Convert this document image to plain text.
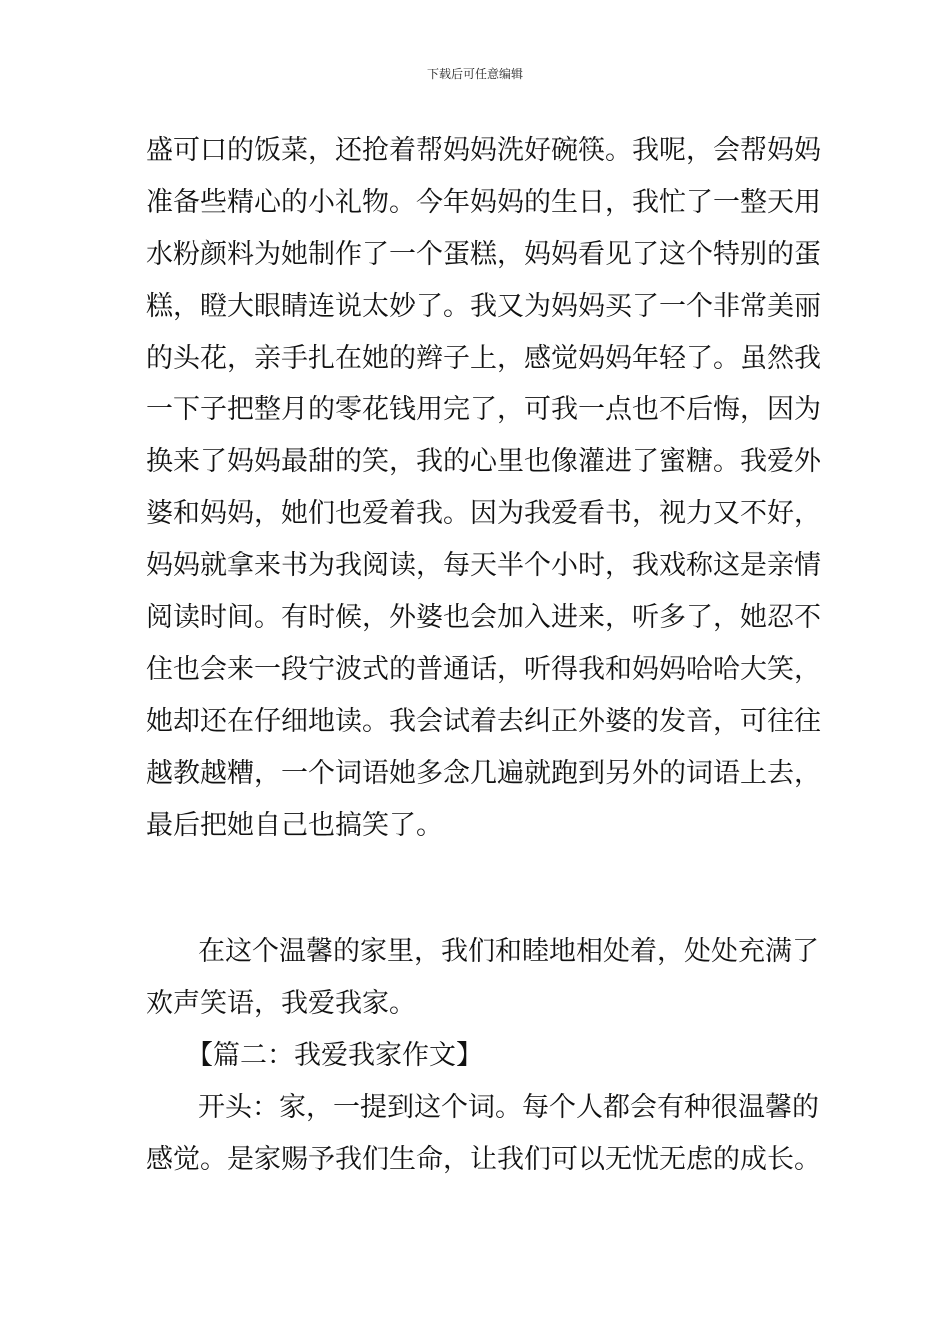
下载后可任意编辑
盛可口的饭菜，还抢着帮妈妈洗好碗筷。我呢，会帮妈妈
准备些精心的小礼物。今年妈妈的生日，我忙了一整天用
水粉颜料为她制作了一个蛋糕，妈妈看见了这个特别的蛋
糕，瞪大眼睛连说太妙了。我又为妈妈买了一个非常美丽
的头花，亲手扎在她的辫子上，感觉妈妈年轻了。虽然我
一下子把整月的零花钱用完了，可我一点也不后悔，因为
换来了妈妈最甜的笑，我的心里也像灌进了蜜糖。我爱外
婆和妈妈，她们也爱着我。因为我爱看书，视力又不好，
妈妈就拿来书为我阅读，每天半个小时，我戏称这是亲情
阅读时间。有时候，外婆也会加入进来，听多了，她忍不
住也会来一段宁波式的普通话，听得我和妈妈哈哈大笑，
她却还在仔细地读。我会试着去纠正外婆的发音，可往往
越教越糟，一个词语她多念几遍就跑到另外的词语上去，
最后把她自己也搞笑了。
在这个温馨的家里，我们和睦地相处着，处处充满了
欢声笑语，我爱我家。
【篇二：我爱我家作文】
开头：家，一提到这个词。每个人都会有种很温馨的
感觉。是家赐予我们生命，让我们可以无忧无虑的成长。
